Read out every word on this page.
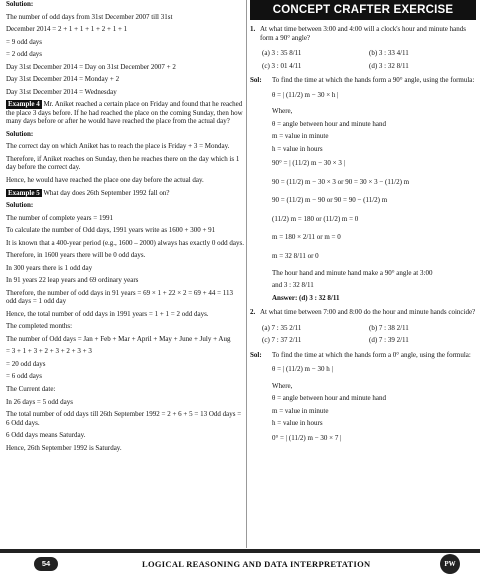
Solution:
The number of odd days from 31st December 2007 till 31st
December 2014 = 2 + 1 + 1 + 1 + 2 + 1 + 1
= 9 odd days
= 2 odd days
Day 31st December 2014 = Day on 31st December 2007 + 2
Day 31st December 2014 = Monday + 2
Day 31st December 2014 = Wednesday
Example 4 Mr. Aniket reached a certain place on Friday and found that he reached the place 3 days before. If he had reached the place on the coming Sunday, then how many days before or after he would have reached the place from the actual day?
Solution:
The correct day on which Aniket has to reach the place is Friday + 3 = Monday.
Therefore, if Aniket reaches on Sunday, then he reaches there on the day which is 1 day before the correct day.
Hence, he would have reached the place one day before the actual day.
Example 5 What day does 26th September 1992 fall on?
Solution:
The number of complete years = 1991
To calculate the number of Odd days, 1991 years write as 1600 + 300 + 91
It is known that a 400-year period (e.g., 1600 – 2000) always has exactly 0 odd days.
Therefore, in 1600 years there will be 0 odd days.
In 300 years there is 1 odd day
In 91 years 22 leap years and 69 ordinary years
Therefore, the number of odd days in 91 years = 69 × 1 + 22 × 2 = 69 + 44 = 113 odd days = 1 odd day
Hence, the total number of odd days in 1991 years = 1 + 1 = 2 odd days.
The completed months:
The number of Odd days = Jan + Feb + Mar + April + May + June + July + Aug
= 3 + 1 + 3 + 2 + 3 + 2 + 3 + 3
= 20 odd days
= 6 odd days
The Current date:
In 26 days = 5 odd days
The total number of odd days till 26th September 1992 = 2 + 6 + 5 = 13 Odd days = 6 Odd days.
6 Odd days means Saturday.
Hence, 26th September 1992 is Saturday.
CONCEPT CRAFTER EXERCISE
1. At what time between 3:00 and 4:00 will a clock's hour and minute hands form a 90° angle?
(a) 3 : 35 8/11	(b) 3 : 33 4/11
(c) 3 : 01 4/11	(d) 3 : 32 8/11
Sol:	To find the time at which the hands form a 90° angle, using the formula:
θ = | (11/2) m − 30 × h |
Where,
θ = angle between hour and minute hand
m = value in minute
h = value in hours
90° = | (11/2) m − 30 × 3 |
90 = (11/2) m − 30 × 3 or 90 = 30 × 3 − (11/2) m
90 = (11/2) m − 90 or 90 = 90 − (11/2) m
(11/2) m = 180 or (11/2) m = 0
m = 180 × 2/11 or m = 0
m = 32 8/11 or 0
The hour hand and minute hand make a 90° angle at 3:00
and 3 : 32 8/11
Answer: (d) 3 : 32 8/11
2. At what time between 7:00 and 8:00 do the hour and minute hands coincide?
(a) 7 : 35 2/11	(b) 7 : 38 2/11
(c) 7 : 37 2/11	(d) 7 : 39 2/11
Sol:	To find the time at which the hands form a 0° angle, using the formula:
θ = | (11/2) m − 30 h |
Where,
θ = angle between hour and minute hand
m = value in minute
h = value in hours
0° = | (11/2) m − 30 × 7 |
54	LOGICAL REASONING AND DATA INTERPRETATION	PW
